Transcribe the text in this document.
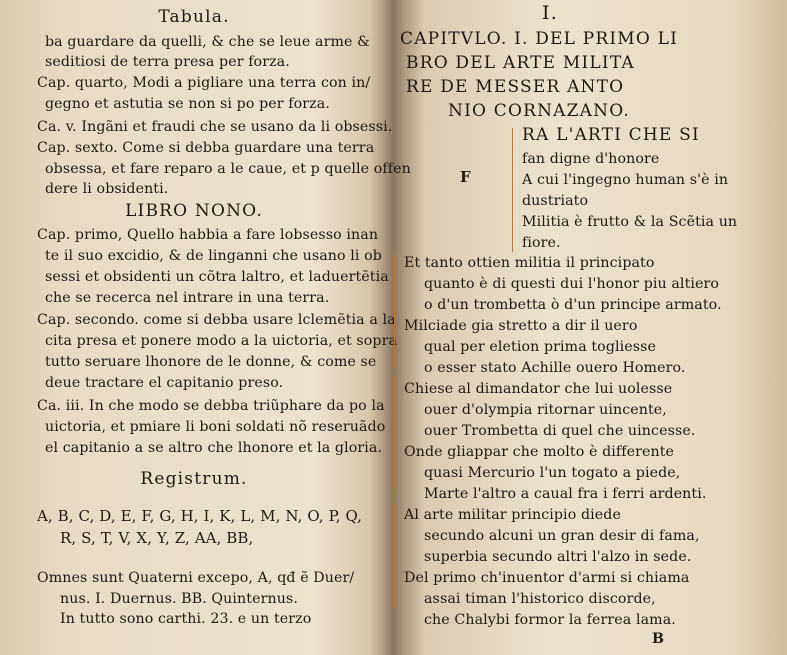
Tabula.
ba guardare da quelli, & che se leue arme &
seditiosi de terra presa per forza.
Cap. quarto, Modi a pigliare una terra con in/
gegno et astutia se non si po per forza.
Ca. v. Ingãni et fraudi che se usano da li obsessi.
Cap. sexto. Come si debba guardare una terra
obsessa, et fare reparo a le caue, et p quelle offen
dere li obsidenti.
LIBRO NONO.
Cap. primo, Quello habbia a fare lobsesso inan
te il suo excidio, & de linganni che usano li ob
sessi et obsidenti un cõtra laltro, et laduertẽtia
che se recerca nel intrare in una terra.
Cap. secondo. come si debba usare lclemẽtia a la
cita presa et ponere modo a la uictoria, et sopra
tutto seruare lhonore de le donne, & come se
deue tractare el capitanio preso.
Ca. iii. In che modo se debba triũphare da po la
uictoria, et pmiare li boni soldati nõ reseruãdo
el capitanio a se altro che lhonore et la gloria.
Registrum.
A, B, C, D, E, F, G, H, I, K, L, M, N, O, P, Q,
R, S, T, V, X, Y, Z, AA, BB,
Omnes sunt Quaterni excepo, A, qđ ẽ Duer/
nus. I. Duernus. BB. Quinternus.
In tutto sono carthi. 23. e un terzo
I.
CAPITVLO. I. DEL PRIMO LI
BRO DEL ARTE MILITA
RE DE MESSER ANTO
NIO CORNAZANO.
F
RA L'ARTI CHE SI
fan digne d'honore
A cui l'ingegno human s'è in
dustriato
Militia è frutto & la Scẽtia un
fiore.
Et tanto ottien militia il principato
quanto è di questi dui l'honor piu altiero
o d'un trombetta ò d'un principe armato.
Milciade gia stretto a dir il uero
qual per eletion prima togliesse
o esser stato Achille ouero Homero.
Chiese al dimandator che lui uolesse
ouer d'olympia ritornar uincente,
ouer Trombetta di quel che uincesse.
Onde gliappar che molto è differente
quasi Mercurio l'un togato a piede,
Marte l'altro a caual fra i ferri ardenti.
Al arte militar principio diede
secundo alcuni un gran desir di fama,
superbia secundo altri l'alzo in sede.
Del primo ch'inuentor d'armi si chiama
assai timan l'historico discorde,
che Chalybi formor la ferrea lama.
B
